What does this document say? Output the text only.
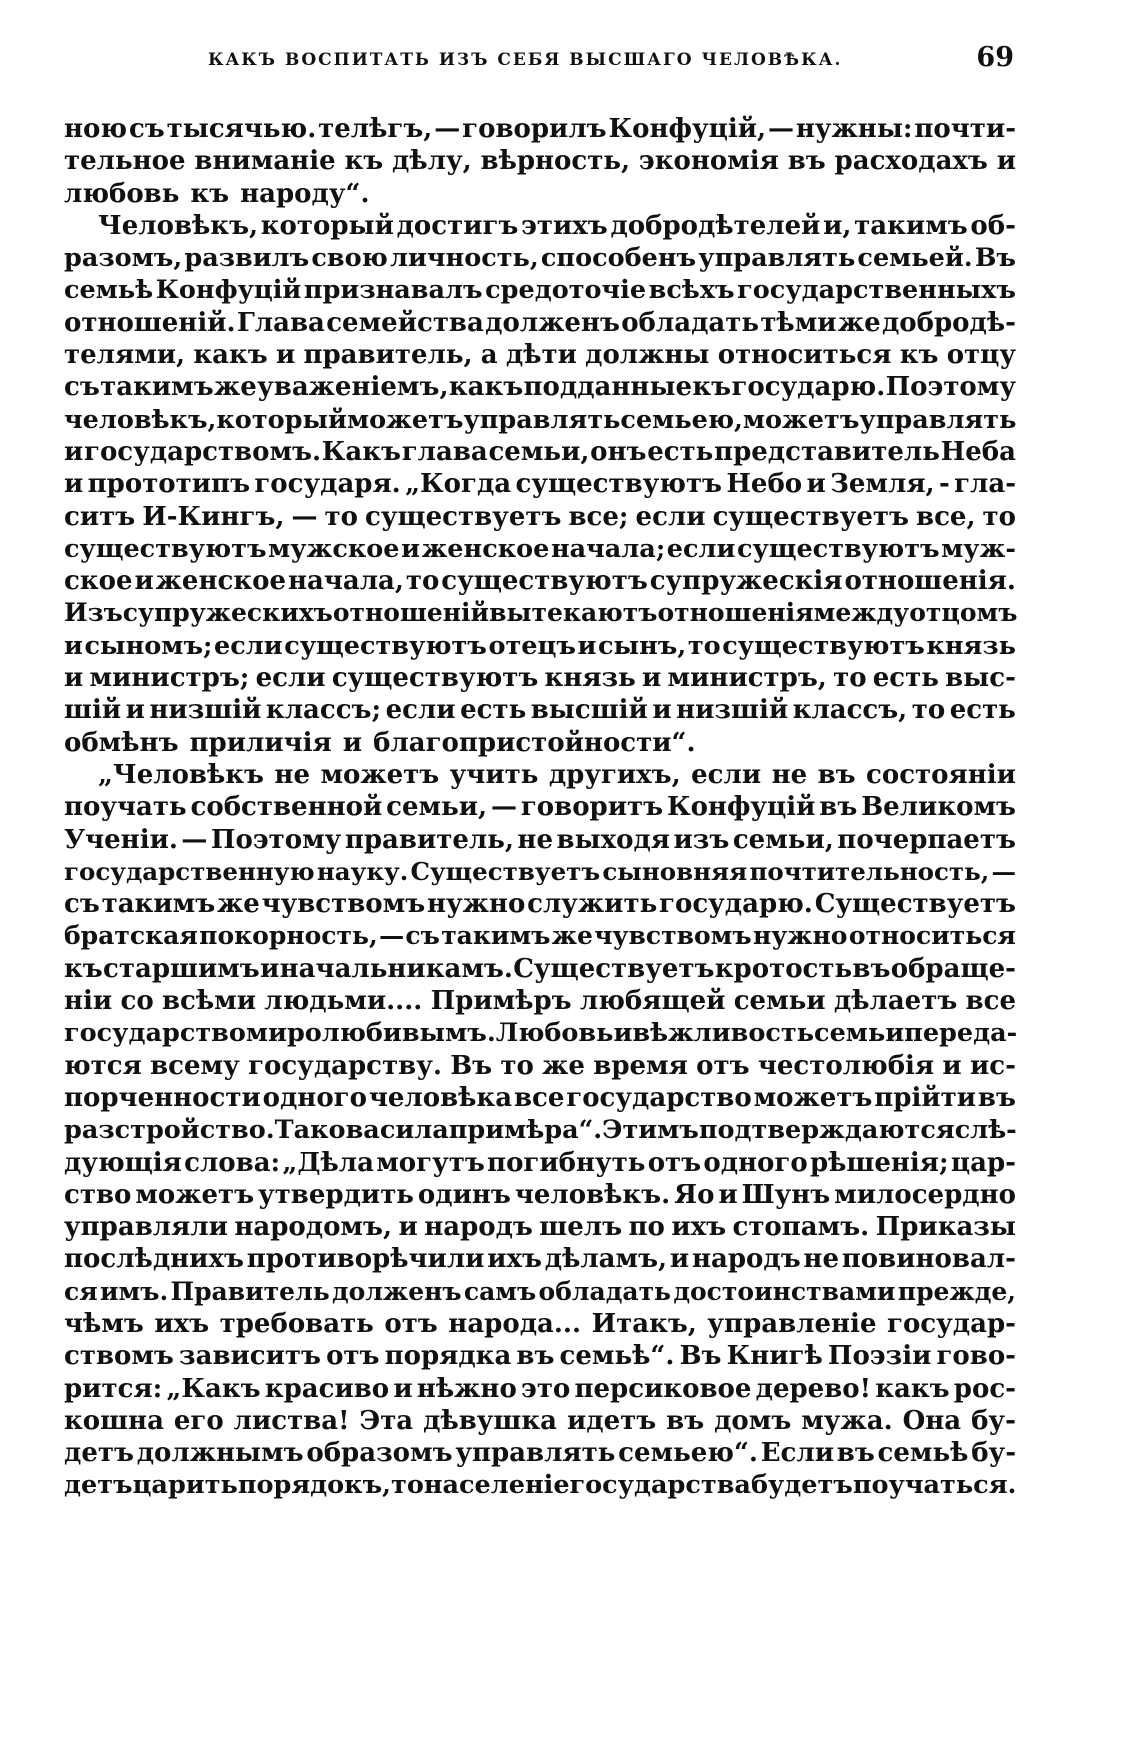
КАКЪ ВОСПИТАТЬ ИЗЪ СЕБЯ ВЫСШАГО ЧЕЛОВѢКА.	69
ною съ тысячью. телѣгъ, — говорилъ Конфуцій, — нужны: почти-
тельное вниманіе къ дѣлу, вѣрность, экономія въ расходахъ и
любовь къ народу“.
Человѣкъ, который достигъ этихъ добродѣтелей и, такимъ об-
разомъ, развилъ свою личность, способенъ управлять семьей. Въ
семьѣ Конфуцій признавалъ средоточіе всѣхъ государственныхъ
отношеній. Глава семейства долженъ обладать тѣми же добродѣ-
телями, какъ и правитель, а дѣти должны относиться къ отцу
съ такимъ же уваженіемъ, какъ подданные къ государю. Поэтому
человѣкъ, который можетъ управлять семьею, можетъ управлять
и государствомъ. Какъ глава семьи, онъ есть представитель Неба
и прототипъ государя. „Когда существуютъ Небо и Земля, - гла-
ситъ И-Кингъ, — то существуетъ все; если существуетъ все, то
существуютъ мужское и женское начала; если существуютъ муж-
ское и женское начала, то существуютъ супружескія отношенія.
Изъ супружескихъ отношеній вытекаютъ отношенія между отцомъ
и сыномъ; если существуютъ отецъ и сынъ, то существуютъ князь
и министръ; если существуютъ князь и министръ, то есть выс-
шій и низшій классъ; если есть высшій и низшій классъ, то есть
обмѣнъ приличія и благопристойности“.
„Человѣкъ не можетъ учить другихъ, если не въ состояніи
поучать собственной семьи, — говоритъ Конфуцій въ Великомъ
Ученіи. — Поэтому правитель, не выходя изъ семьи, почерпаетъ
государственную науку. Существуетъ сыновняя почтительность, —
съ такимъ же чувствомъ нужно служить государю. Существуетъ
братская покорность, — съ такимъ же чувствомъ нужно относиться
къ старшимъ и начальникамъ. Существуетъ кротость въ обраще-
ніи со всѣми людьми.... Примѣръ любящей семьи дѣлаетъ все
государство миролюбивымъ. Любовь и вѣжливость семьи переда-
ются всему государству. Въ то же время отъ честолюбія и ис-
порченности одного человѣка все государство можетъ прійти въ
разстройство. Такова сила примѣра“. Этимъ подтверждаются слѣ-
дующія слова: „Дѣла могутъ погибнуть отъ одного рѣшенія; цар-
ство можетъ утвердить одинъ человѣкъ. Яо и Шунъ милосердно
управляли народомъ, и народъ шелъ по ихъ стопамъ. Приказы
послѣднихъ противорѣчили ихъ дѣламъ, и народъ не повиновал-
ся имъ. Правитель долженъ самъ обладать достоинствами прежде,
чѣмъ ихъ требовать отъ народа... Итакъ, управленіе государ-
ствомъ зависитъ отъ порядка въ семьѣ“. Въ Книгѣ Поэзіи гово-
рится: „Какъ красиво и нѣжно это персиковое дерево! какъ рос-
кошна его листва! Эта дѣвушка идетъ въ домъ мужа. Она бу-
детъ должнымъ образомъ управлять семьею“. Если въ семьѣ бу-
детъ царить порядокъ, то населеніе государства будетъ поучаться.
